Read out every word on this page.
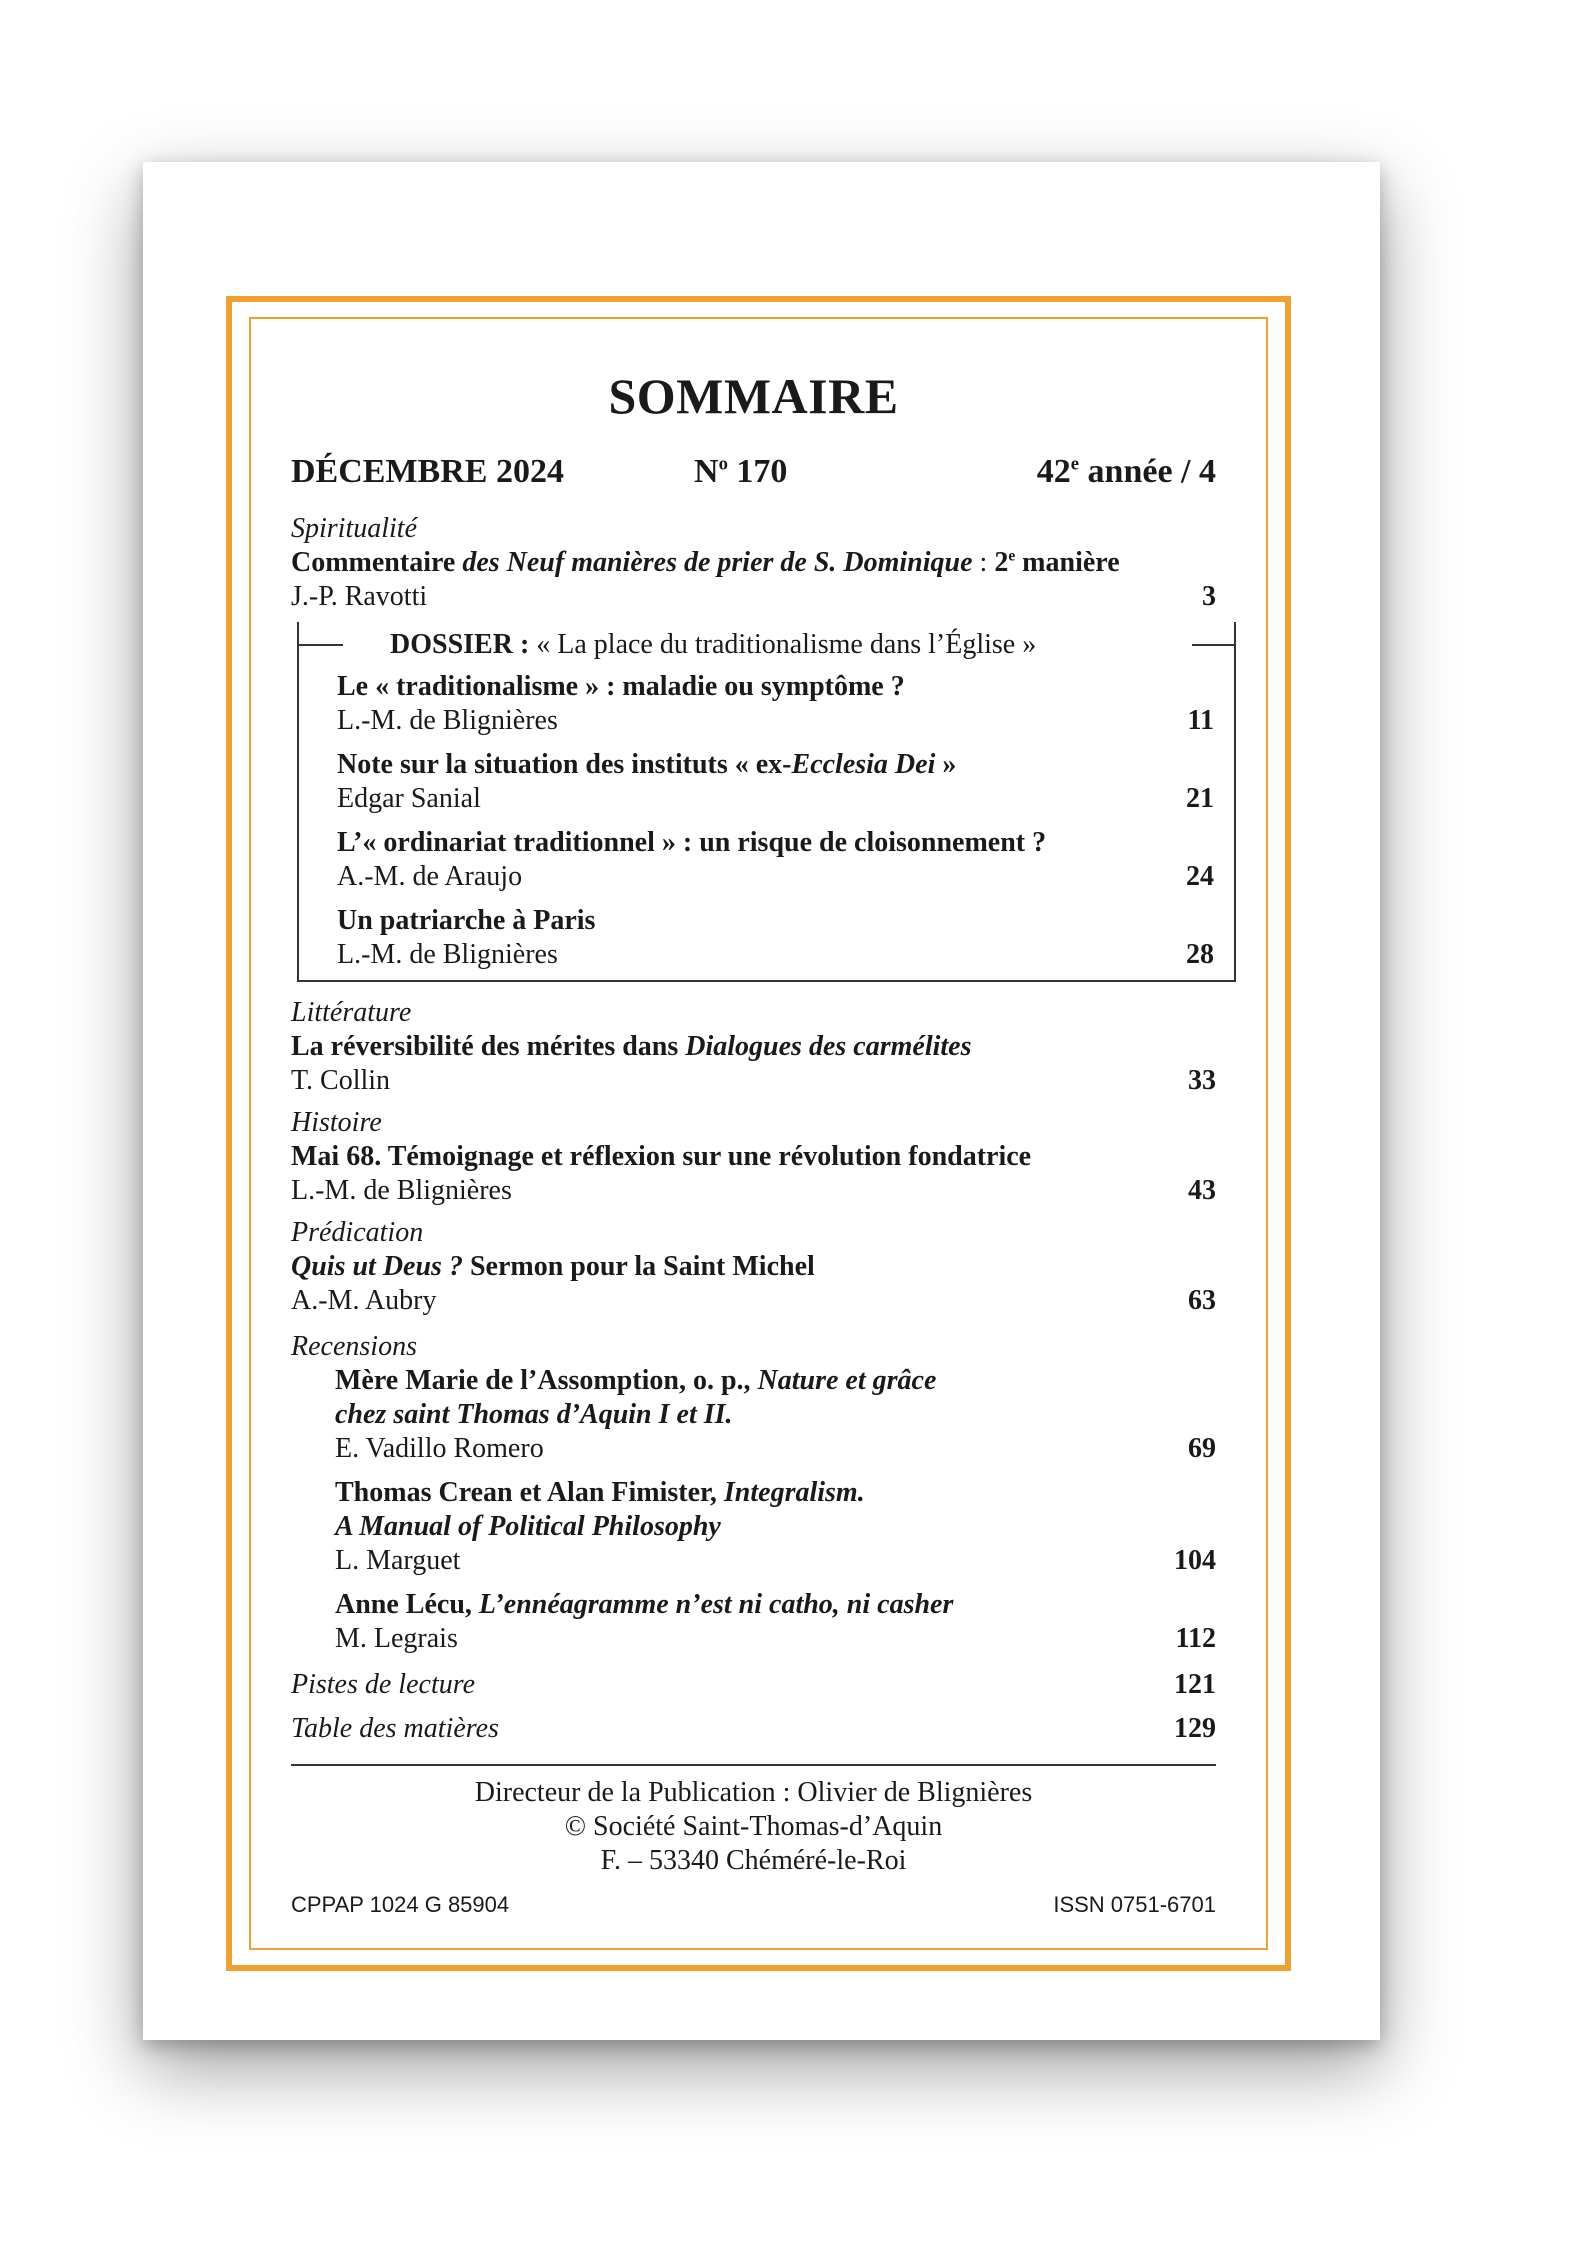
SOMMAIRE
DÉCEMBRE 2024	$N^o$ 170	42e année / 4
Spiritualité
Commentaire des Neuf manières de prier de S. Dominique : 2e manière
J.-P. Ravotti	3
DOSSIER : « La place du traditionalisme dans l’Église »
Le « traditionalisme » : maladie ou symptôme ?
L.-M. de Blignières	11
Note sur la situation des instituts « ex-Ecclesia Dei »
Edgar Sanial	21
L’« ordinariat traditionnel » : un risque de cloisonnement ?
A.-M. de Araujo	24
Un patriarche à Paris
L.-M. de Blignières	28
Littérature
La réversibilité des mérites dans Dialogues des carmélites
T. Collin	33
Histoire
Mai 68. Témoignage et réflexion sur une révolution fondatrice
L.-M. de Blignières	43
Prédication
Quis ut Deus ? Sermon pour la Saint Michel
A.-M. Aubry	63
Recensions
Mère Marie de l’Assomption, o. p., Nature et grâce
chez saint Thomas d’Aquin I et II.
E. Vadillo Romero	69
Thomas Crean et Alan Fimister, Integralism.
A Manual of Political Philosophy
L. Marguet	104
Anne Lécu, L’ennéagramme n’est ni catho, ni casher
M. Legrais	112
Pistes de lecture	121
Table des matières	129
Directeur de la Publication : Olivier de Blignières
© Société Saint-Thomas-d’Aquin
F. – 53340 Chéméré-le-Roi
CPPAP 1024 G 85904	ISSN 0751-6701
